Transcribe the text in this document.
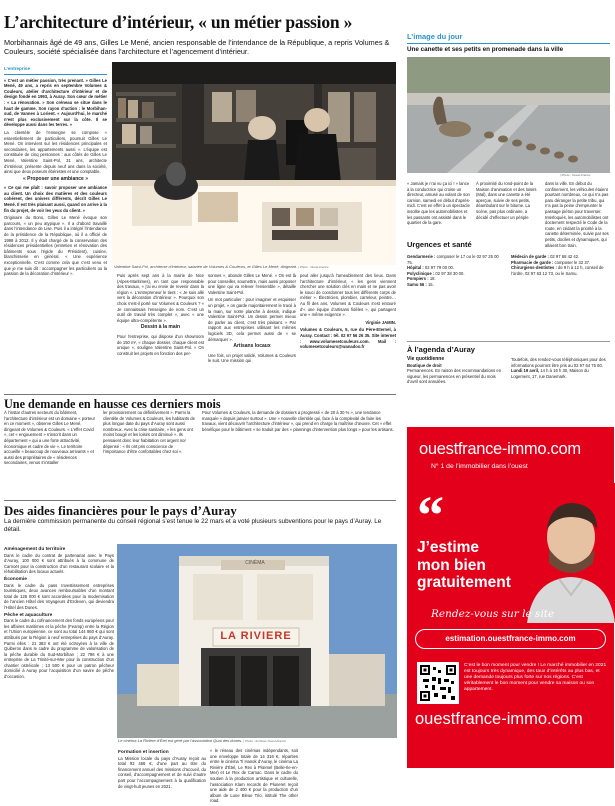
L’architecture d’intérieur, « un métier passion »
Morbihannais âgé de 49 ans, Gilles Le Mené, ancien responsable de l’intendance de la République, a repris Volumes & Couleurs, société spécialisée dans l’architecture et l’agencement d’intérieur.
L’entreprise

« C’est un métier passion, très prenant. » Gilles Le Mené, 49 ans, a repris en septembre Volumes & Couleurs, atelier d’architecture d’intérieur et de design fondé en 1993, à Auray. Son cœur de métier : « La rénovation. » Son créneau se situe dans le haut de gamme. Son rayon d’action : le Morbihan-sud, de Vannes à Lorient. « Aujourd’hui, le marché n’est plus exclusivement sur la côte. Il se développe aussi dans les terres. »

La clientèle de l’enseigne se compose « essentiellement de particuliers, poursuit Gilles Le Mené. On intervient sur les résidences principales et secondaires, les appartements aussi ». L’équipe est constituée de cinq personnes : aux côtés de Gilles Le Mené, Valentine Saint-Pol, 31 ans, architecte d’intérieur, présente depuis neuf ans dans la société, ainsi que deux poseurs ébénistes et une comptable.

« Proposer une ambiance »

« Ce qui me plaît : savoir proposer une ambiance au client. Un choix des matières et des couleurs cohérent, des univers différents, décrit Gilles Le Mené. Il est très plaisant aussi, quand on arrive à la fin du projet, de voir les yeux du client. »

Originaire du Bono, Gilles Le Mené évoque son parcours, « un peu atypique ». Il a d’abord travaillé dans l’intendance de Lise. Puis il a intégré l’intendance de la présidence de la République, où il a officié de 1998 à 2012. Il y était chargé de la conservation des résidences présidentielles (entretien et rénovation des bâtiments sous l’égide du Président), cuisine, blanchisserie en général. « Une expérience exceptionnelle. C’est comme cela que c’est venu et que je me suis dit : accompagner les particuliers ou la passion de la décoration d’intérieur ».

Valentine Saint-Pol, architecte d’intérieur, salariée de Volumes & Couleurs, et Gilles Le Mené, dirigeant. | Photo : Ouest-France

Puis après sept ans à la mairie de Nice (Alpes-Maritimes), en tant que responsable des travaux, « j’ai eu envie de revenir dans la région ». L’entrepreneur le tient : « Je suis allé vers la décoration d’intérieur ». Pourquoi son choix s’est-il porté sur Volumes & Couleurs ? « Je connaissais l’enseigne de nom. C’est un outil de travail très complet », avec « une équipe ultra-compétente ».

Dessin à la main

Pour l’entreprise, qui dispose d’un showroom de 150 m², « chaque dossier, chaque client est unique », souligne Valentine Saint-Pol. « On construit les projets en fonction des per-

sonnes », abonde Gilles Le Mené. « On est là pour conseiller, soumettre, mais aussi proposer une ligne qui va relever l’ensemble », détaille Valentine Saint-Pol.

Un mot particulier : pour imaginer et esquisser un projet, « on garde majoritairement le tracé à la main, sur notre planche à dessin, indique Valentine Saint-Pol. Un dessin permet mieux de parler au client, c’est très plaisant. » Par rapport aux entreprises utilisant les mêmes logiciels 3D, cela permet aussi de « se démarquer ».

Artisans locaux

Une fois, un projet validé, Volumes & Couleurs le suit. Une mission qui

peut aller jusqu’à l’ameublement des lieux. Dans l’architecture d’intérieur, « les gens viennent chercher une solution clés en main et ne pas avoir le souci de coordonner tous les différents corps de métier ». Électricien, plombier, carreleur, peintre… Au fil des ans, Volumes & Couleurs s’est entouré d’« une équipe d’artisans fidèles », qui partagent une « même exigence ».

Virginie JAMIN.

Volumes & Couleurs, 5, rue du Père-Eternel, à Auray. Contact : tél. 02 97 56 26 35. Site internet : www.volumesetcouleurs.com. Mail : volumesetcouleurs@wanadoo.fr

L’image du jour
Une canette et ses petits en promenade dans la ville
| Photo : Ouest-France
« Jamais je n’ai vu ça ici ! » lance à la conductrice qui croise un directeur, amusé au volant de son camion, samedi en début d’après-midi. C’est en effet à un spectacle insolite que les automobilistes et les passants ont assisté dans le quartier de la gare.
À proximité du rond-point de la Maison d’animation et des loisirs (Mal), dans une canette a été aperçue, suivie de ses petits, déambulant sur le bitume. La scène, pas plus ordinaire, a décidé d’effectuer un périple
dans la ville. En début du confinement, les véhicules étaient pourtant nombreux, ce qui n’a pas paru déranger la petite tribu, qui n’a pas la peine d’emprunter le passage piéton pour traverser. Interloqués, les automobilistes ont doctement respecté le Code de la route, en cédant la priorité à la canette déterminée, suivie par ses petits, dociles et dynamiques, qui allaient bon train.
Urgences et santé
Gendarmerie : composer le 17 ou le 02 97 25 00 75.
Hôpital : 02 97 79 00 00.
Polyclinique : 02 97 38 30 00.
Pompiers : 18.
Samu 56 : 15.
Médecin de garde : 02 97 68 42 42.
Pharmacie de garde : composer le 32 37.
Chirurgiens-dentistes : de 9 h à 12 h, conseil de l’ordre, 02 97 63 12 73, ou le Samu.
À l’agenda d’Auray
Vie quotidienne
Boutique de droit
Permanences. En raison des recommandations en vigueur, les permanences en présentiel du mois d’avril sont annulées.
Toutefois, des rendez-vous téléphoniques pour des informations pourront être pris au 02 97 64 75 60.
Lundi 19 avril, 14 h à 16 h 30, Maison du Logement, 17, rue Danemark.
Une demande en hausse ces derniers mois
À l’instar d’autres secteurs du bâtiment, l’architecture d’intérieur est un domaine « porteur en ce moment », observe Gilles Le Mené, dirigeant de Volumes & Couleurs. « L’effet Covid », cet « engouement » s’inscrit dans un département « qui a une forte attractivité, économique et cadre de vie ». Le territoire accueille « beaucoup de nouveaux arrivants » et aussi des propriétaires de « résidences secondaires, venus s’installer
ler provisoirement ou définitivement ». Parmi la clientèle de Volumes & Couleurs, les habitants de plus longue date du pays d’Auray sont aussi nombreux. Avec la crise sanitaire, « les gens ont moins bougé et les loisirs ont diminué ». Ils pensaient donc leur habitation cet argent nor dépensé : « Ils ont pris conscience de l’importance d’être confortables chez soi ».
Pour Volumes & Couleurs, la demande de dossiers a progressé « de 20 à 30 % », une tendance marquée « depuis janvier surtout ». Une « nouvelle clientèle qui, face à la complexité de faire les travaux, vient découvrir l’architecture d’intérieur », qui prend en charge la maîtrise d’œuvre. Cet « effet bénéfique pour le bâtiment » se traduit par des « plannings d’intervention plus longs » pour les artisans.
Des aides financières pour le pays d’Auray
La dernière commission permanente du conseil régional s’est tenue le 22 mars et a voté plusieurs subventions pour le pays d’Auray. Le détail.
Aménagement du territoire

Dans le cadre du contrat de partenariat avec le Pays d’Auray, 100 000 € sont attribués à la commune de Carnoët pour la construction d’un restaurant scolaire et la réhabilitation des locaux actuels.

Économie

Dans le cadre du pass Investissement entreprises touristiques, deux avances remboursables d’un montant total de 126 000 € sont accordées pour la modernisation de l’ancien Hôtel des Voyageurs d’Erdeven, qui deviendra l’Hôtel des Dunes.

Pêche et aquaculture

Dans le cadre du cofinancement des fonds européens pour les affaires maritimes et la pêche (Feamp) entre la Région et l’Union européenne, ce sont au total 144 860 € qui sont attribués par la Région à neuf entreprises du pays d’Auray. Parmi elles : 21 383 € ont été octroyées à la ville de Quiberon dans le cadre du programme de valorisation de la pêche durable du Sud-Morbihan ; 22 796 € à une entreprise de La Trinité-sur-Mer pour la construction d’un chantier ostréicole ; 13 500 € pour un patron pêcheur domicilié à Auray pour l’acquisition d’un navire de pêche d’occasion.

LA RIVIERE
CINÉMA
Le cinéma La Rivière d’Étel est géré par l’association Quai des dunes. | Photo : Archives Ouest-France
Formation et insertion

La Mission locale du pays d’Auray reçoit au total 93 468 €, d’une part au titre du financement annuel des missions d’accueil, du conseil, d’accompagnement et de suivi d’autre part pour l’accompagnement à la qualification de vingt-huit jeunes en 2021.

« le réseau des cinémas indépendants, soit une enveloppe totale de 14 316 €, réparties entre le cinéma Ti Hanok d’Auray, le cinéma La Rivière d’Étel, Le Rex à Plœmel (Belle-Ile-en-Mer) et Le Rex de Carnac. Dans le cadre du soutien à la production artistique et culturelle, l’association Klam records de Pluneret reçoit une aide de 2 400 € pour la production d’un album de Lune Bleue Trio, intitulé The other road.

ouestfrance-immo.com
N° 1 de l’immobilier dans l’ouest
“
J’estime
mon bien
gratuitement
Rendez-vous sur le site
estimation.ouestfrance-immo.com
C’est le bon moment pour vendre ! Le marché immobilier en 2021 est toujours très dynamique, des taux d’intérêts au plus bas, et une demande toujours plus forte sur nos régions. C’est véritablement le bon moment pour vendre sa maison ou son appartement.
ouestfrance-immo.com
